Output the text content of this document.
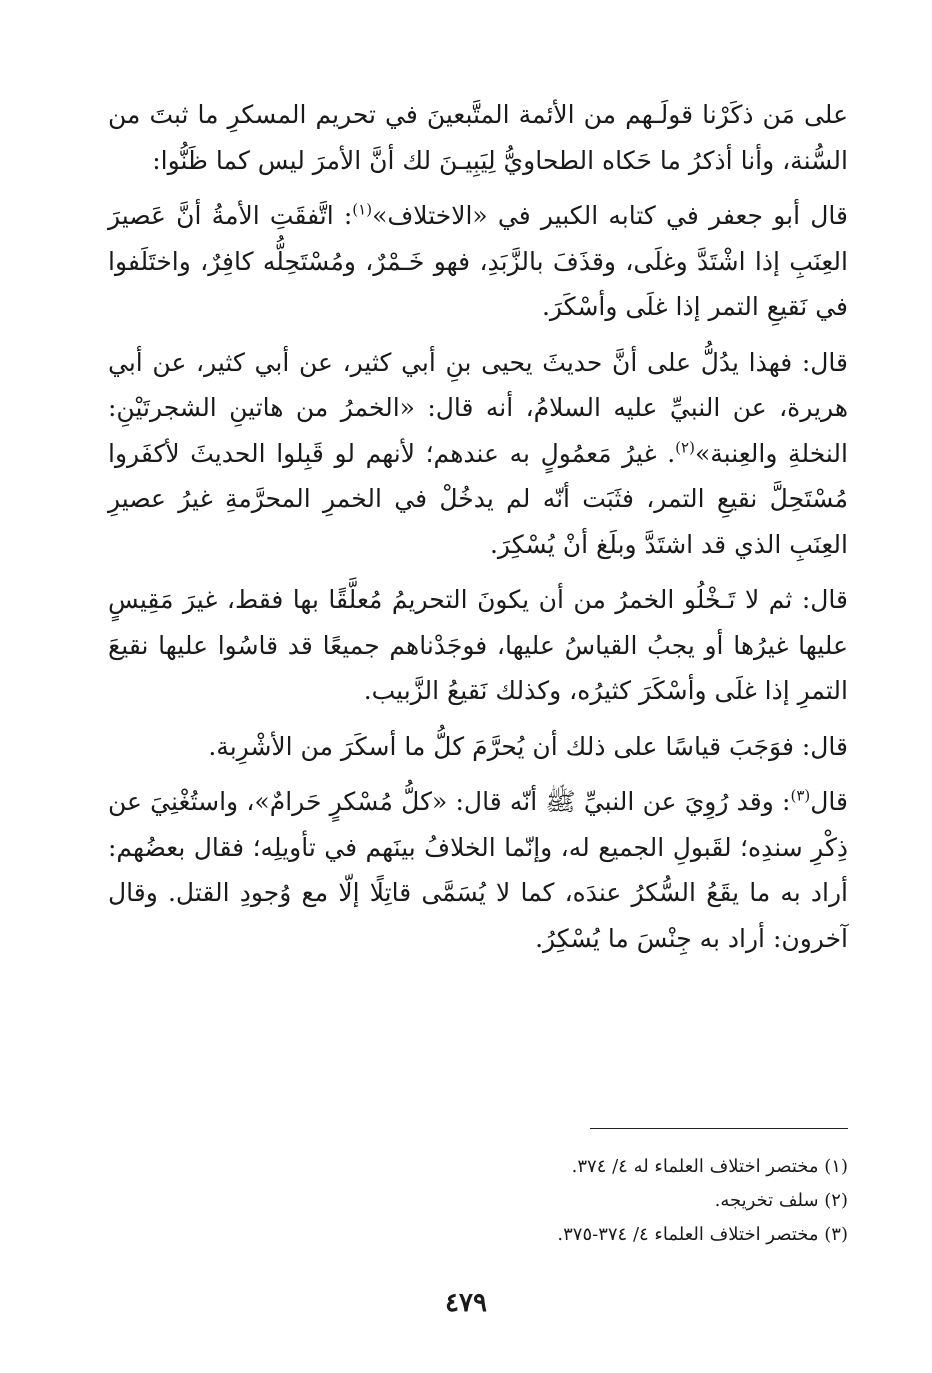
على مَن ذكَرْنا قولَـهم من الأئمة المتَّبعينَ في تحريم المسكرِ ما ثبتَ من السُّنة، وأنا أذكرُ ما حَكاه الطحاويُّ لِيَبِيـنَ لك أنَّ الأمرَ ليس كما ظَنُّوا:

قال أبو جعفر في كتابه الكبير في «الاختلاف»$^{(١)}$: اتَّفقَتِ الأمةُ أنَّ عَصيرَ العِنَبِ إذا اشْتَدَّ وغلَى، وقذَفَ بالزَّبَدِ، فهو خَـمْرٌ، ومُسْتَحِلُّه كافِرٌ، واختَلَفوا في نَقيعِ التمر إذا غلَى وأسْكَرَ.

قال: فهذا يدُلُّ على أنَّ حديثَ يحيى بنِ أبي كثير، عن أبي كثير، عن أبي هريرة، عن النبيِّ عليه السلامُ، أنه قال: «الخمرُ من هاتينِ الشجرتَيْنِ: النخلةِ والعِنبة»$^{(٢)}$. غيرُ مَعمُولٍ به عندهم؛ لأنهم لو قَبِلوا الحديثَ لأكفَروا مُسْتَحِلَّ نقيعِ التمر، فثَبَت أنّه لم يدخُلْ في الخمرِ المحرَّمةِ غيرُ عصيرِ العِنَبِ الذي قد اشتَدَّ وبلَغ أنْ يُسْكِرَ.

قال: ثم لا تَـخْلُو الخمرُ من أن يكونَ التحريمُ مُعلَّقًا بها فقط، غيرَ مَقِيسٍ عليها غيرُها أو يجبُ القياسُ عليها، فوجَدْناهم جميعًا قد قاسُوا عليها نقيعَ التمرِ إذا غلَى وأسْكَرَ كثيرُه، وكذلك نَقيعُ الزَّبيب.

قال: فوَجَبَ قياسًا على ذلك أن يُحرَّمَ كلُّ ما أسكَرَ من الأشْرِبة.

قال$^{(٣)}$: وقد رُوِيَ عن النبيِّ ﷺ أنّه قال: «كلُّ مُسْكرٍ حَرامٌ»، واستُغْنِيَ عن ذِكْرِ سندِه؛ لقَبولِ الجميع له، وإنّما الخلافُ بينَهم في تأويلِه؛ فقال بعضُهم: أراد به ما يقَعُ السُّكرُ عندَه، كما لا يُسَمَّى قاتِلًا إلّا مع وُجودِ القتل. وقال آخرون: أراد به جِنْسَ ما يُسْكِرُ.

(١) مختصر اختلاف العلماء له ٤/ ٣٧٤.

(٢) سلف تخريجه.

(٣) مختصر اختلاف العلماء ٤/ ٣٧٤-٣٧٥.

٤٧٩
